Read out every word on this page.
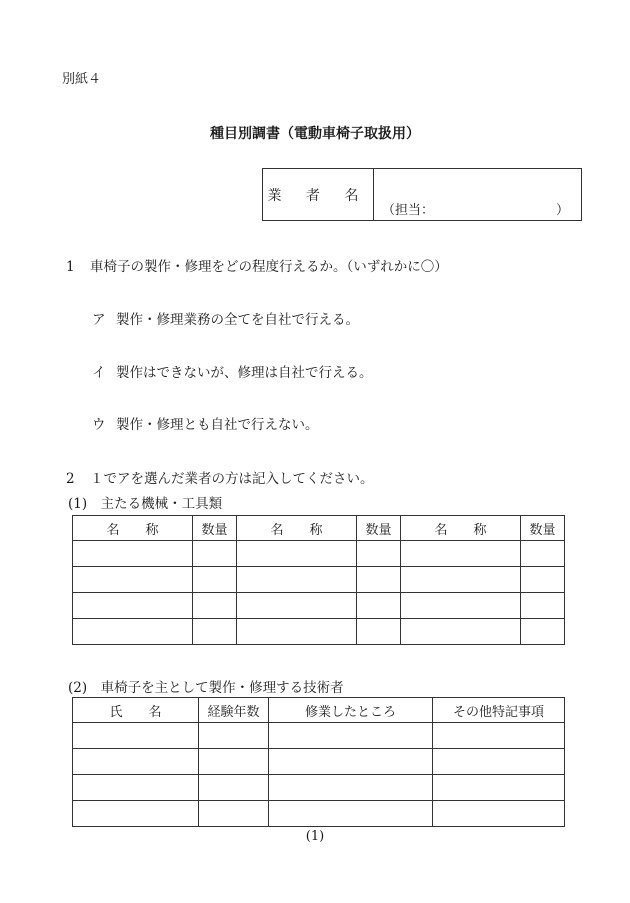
別紙４
種目別調書（電動車椅子取扱用）
業 者 名
（担当：	）
1 車椅子の製作・修理をどの程度行えるか。（いずれかに〇）
ア 製作・修理業務の全てを自社で行える。
イ 製作はできないが、修理は自社で行える。
ウ 製作・修理とも自社で行えない。
2 １でアを選んだ業者の方は記入してください。
(1)　主たる機械・工具類
名　　称	数量	名　　称	数量	名　　称	数量

(2)　車椅子を主として製作・修理する技術者
氏　　名	経験年数	修業したところ	その他特記事項

(1)
